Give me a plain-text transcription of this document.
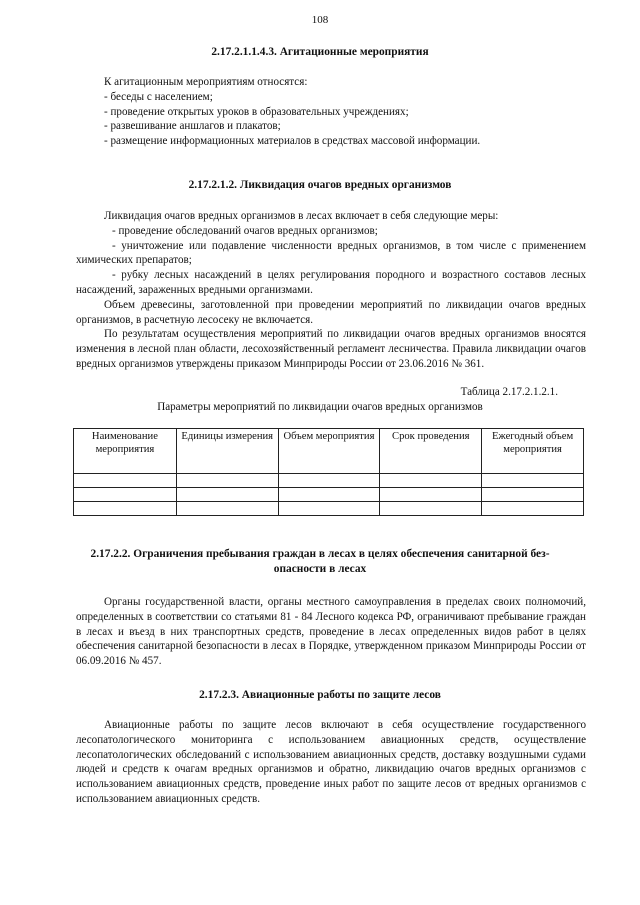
108
2.17.2.1.1.4.3. Агитационные мероприятия

К агитационным мероприятиям относятся:

- беседы с населением;

- проведение открытых уроков в образовательных учреждениях;

- развешивание аншлагов и плакатов;

- размещение информационных материалов в средствах массовой информации.

2.17.2.1.2. Ликвидация очагов вредных организмов

Ликвидация очагов вредных организмов в лесах включает в себя следующие меры:

- проведение обследований очагов вредных организмов;

- уничтожение или подавление численности вредных организмов, в том числе с применением химических препаратов;

- рубку лесных насаждений в целях регулирования породного и возрастного составов лесных насаждений, зараженных вредными организмами.

Объем древесины, заготовленной при проведении мероприятий по ликвидации очагов вредных организмов, в расчетную лесосеку не включается.

По результатам осуществления мероприятий по ликвидации очагов вредных организмов вносятся изменения в лесной план области, лесохозяйственный регламент лесничества. Правила ликвидации очагов вредных организмов утверждены приказом Минприроды России от 23.06.2016 № 361.

Таблица 2.17.2.1.2.1.
Параметры мероприятий по ликвидации очагов вредных организмов
Наименование мероприятия	Единицы измерения	Объем мероприятия	Срок проведения	Ежегодный объем мероприятия

2.17.2.2. Ограничения пребывания граждан в лесах в целях обеспечения санитарной без-
опасности в лесах

Органы государственной власти, органы местного самоуправления в пределах своих полномочий, определенных в соответствии со статьями 81 - 84 Лесного кодекса РФ, ограничивают пребывание граждан в лесах и въезд в них транспортных средств, проведение в лесах определенных видов работ в целях обеспечения санитарной безопасности в лесах в Порядке, утвержденном приказом Минприроды России от 06.09.2016 № 457.

2.17.2.3. Авиационные работы по защите лесов

Авиационные работы по защите лесов включают в себя осуществление государственного лесопатологического мониторинга с использованием авиационных средств, осуществление лесопатологических обследований с использованием авиационных средств, доставку воздушными судами людей и средств к очагам вредных организмов и обратно, ликвидацию очагов вредных организмов с использованием авиационных средств, проведение иных работ по защите лесов от вредных организмов с использованием авиационных средств.
